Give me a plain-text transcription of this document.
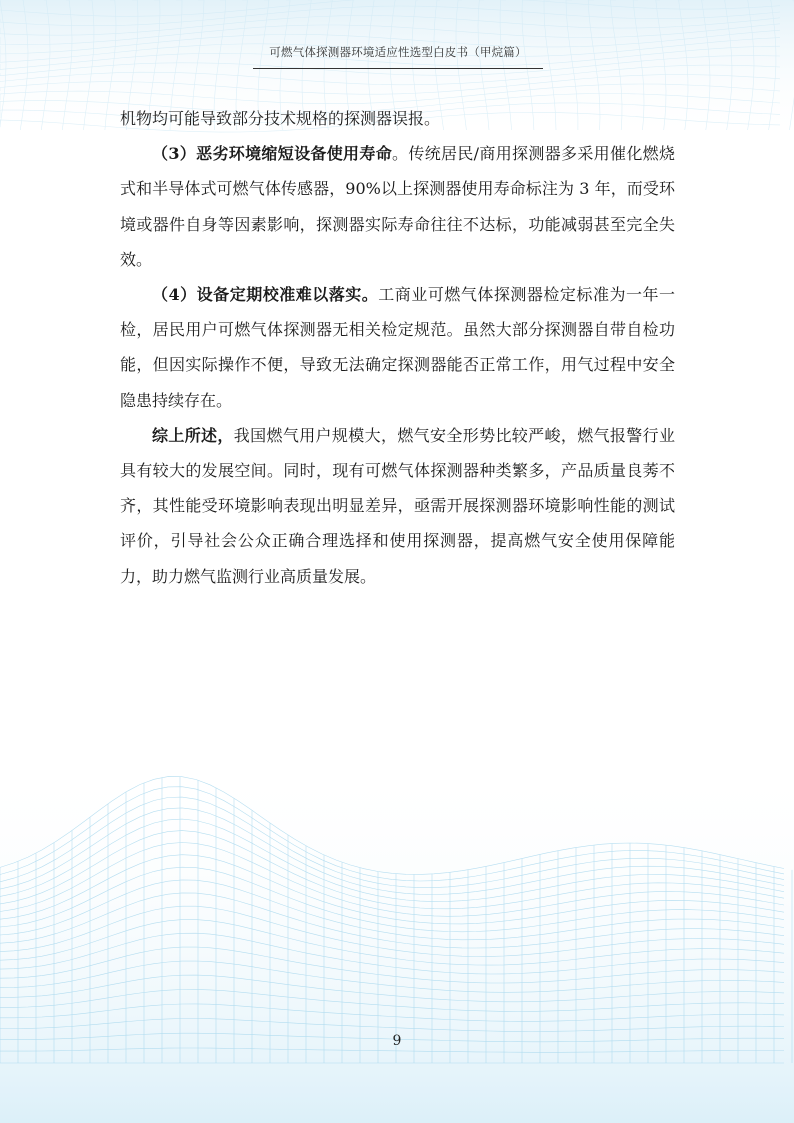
可燃气体探测器环境适应性选型白皮书（甲烷篇）

机物均可能导致部分技术规格的探测器误报。

（3）恶劣环境缩短设备使用寿命。传统居民/商用探测器多采用催化燃烧式和半导体式可燃气体传感器，90%以上探测器使用寿命标注为 3 年，而受环境或器件自身等因素影响，探测器实际寿命往往不达标，功能减弱甚至完全失效。

（4）设备定期校准难以落实。工商业可燃气体探测器检定标准为一年一检，居民用户可燃气体探测器无相关检定规范。虽然大部分探测器自带自检功能，但因实际操作不便，导致无法确定探测器能否正常工作，用气过程中安全隐患持续存在。

综上所述，我国燃气用户规模大，燃气安全形势比较严峻，燃气报警行业具有较大的发展空间。同时，现有可燃气体探测器种类繁多，产品质量良莠不齐，其性能受环境影响表现出明显差异，亟需开展探测器环境影响性能的测试评价，引导社会公众正确合理选择和使用探测器，提高燃气安全使用保障能力，助力燃气监测行业高质量发展。

9
